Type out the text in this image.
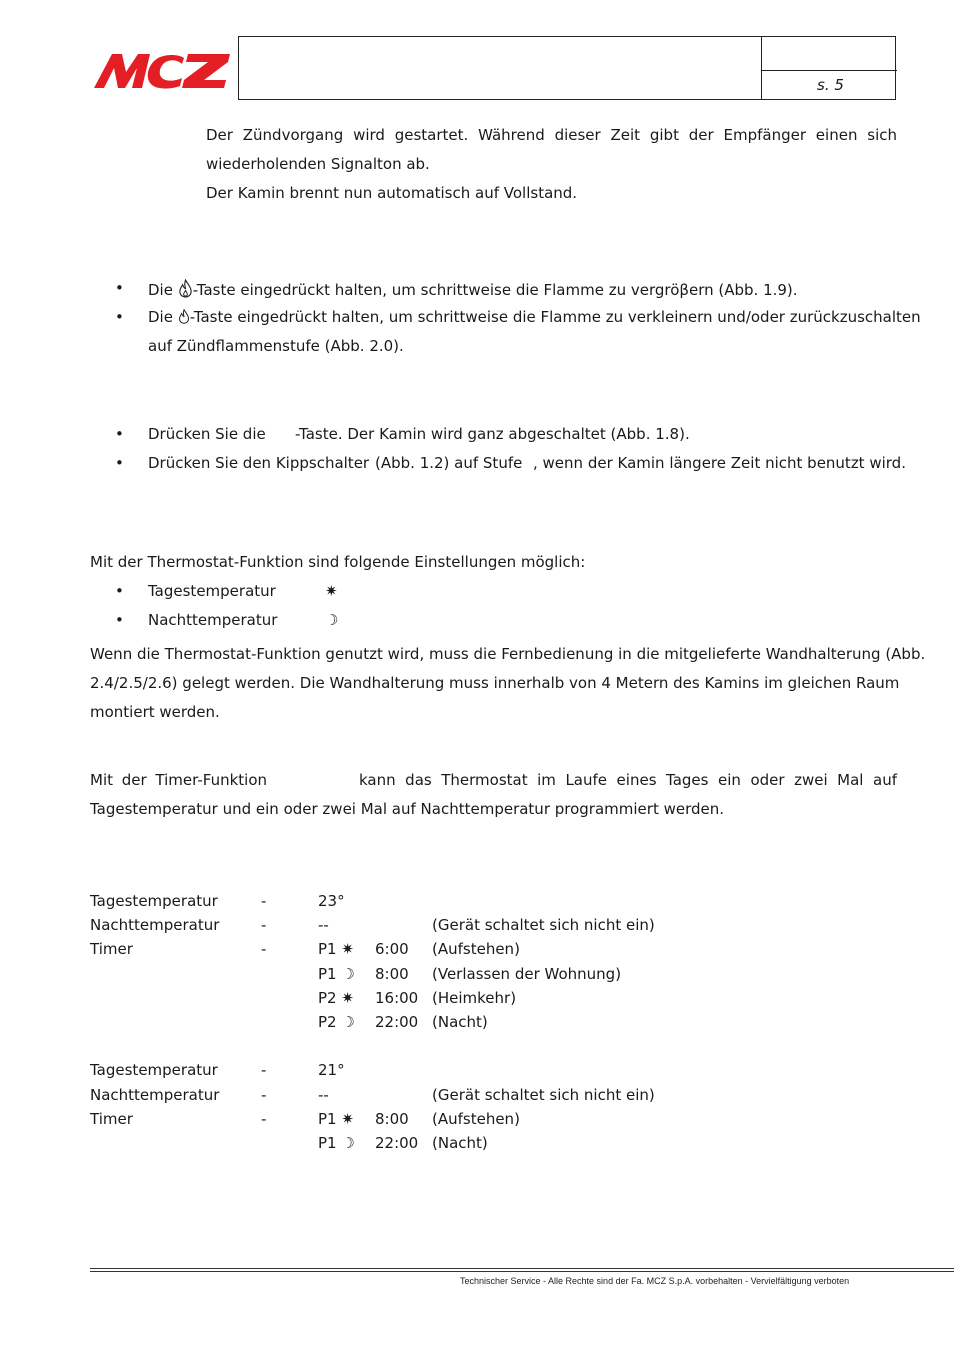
s. 5
Der Zündvorgang wird gestartet. Während dieser Zeit gibt der Empfänger einen sich
wiederholenden Signalton ab.
Der Kamin brennt nun automatisch auf Vollstand.
• Die -Taste eingedrückt halten, um schrittweise die Flamme zu vergröβern (Abb. 1.9).
• Die -Taste eingedrückt halten, um schrittweise die Flamme zu verkleinern und/oder zurückzuschalten
auf Zündflammenstufe (Abb. 2.0).
• Drücken Sie die -Taste. Der Kamin wird ganz abgeschaltet (Abb. 1.8).
• Drücken Sie den Kippschalter (Abb. 1.2) auf Stufe , wenn der Kamin längere Zeit nicht benutzt wird.
Mit der Thermostat-Funktion sind folgende Einstellungen möglich:
• Tagestemperatur	✷
• Nachttemperatur	☽
Wenn die Thermostat-Funktion genutzt wird, muss die Fernbedienung in die mitgelieferte Wandhalterung (Abb.
2.4/2.5/2.6) gelegt werden. Die Wandhalterung muss innerhalb von 4 Metern des Kamins im gleichen Raum
montiert werden.
Mit der Timer-Funktion	kann das Thermostat im Laufe eines Tages ein oder zwei Mal auf
Tagestemperatur und ein oder zwei Mal auf Nachttemperatur programmiert werden.
Tagestemperatur	-	23°
Nachttemperatur	-	--	(Gerät schaltet sich nicht ein)
Timer	-	P1 ✷ 6:00 (Aufstehen)
P1 ☽ 8:00 (Verlassen der Wohnung)
P2 ✷ 16:00 (Heimkehr)
P2 ☽ 22:00 (Nacht)
Tagestemperatur	-	21°
Nachttemperatur	-	--	(Gerät schaltet sich nicht ein)
Timer	-	P1 ✷ 8:00 (Aufstehen)
P1 ☽ 22:00 (Nacht)
Technischer Service - Alle Rechte sind der Fa. MCZ S.p.A. vorbehalten - Vervielfältigung verboten
